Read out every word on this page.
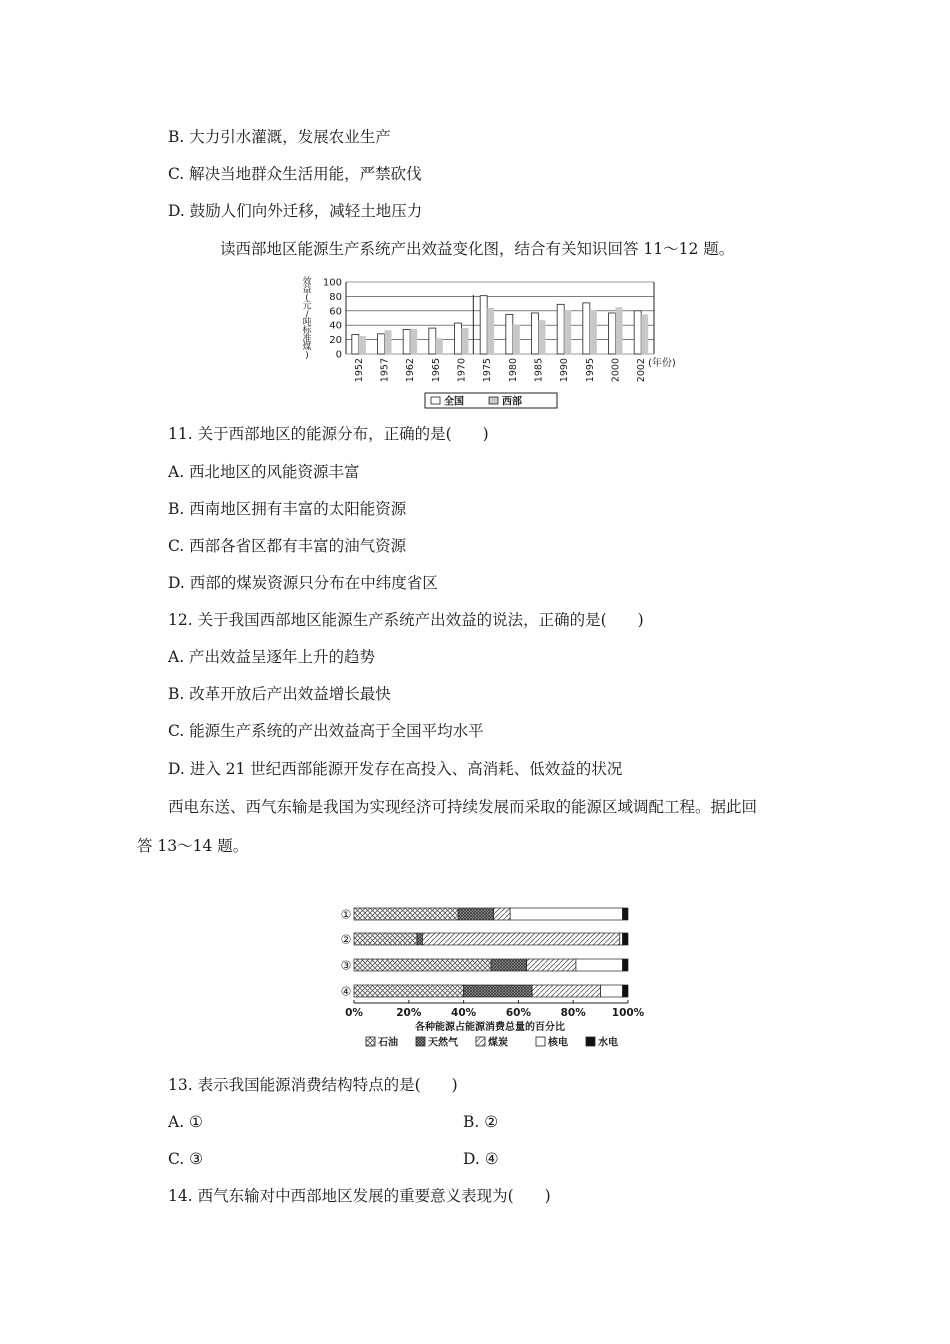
B. 大力引水灌溉，发展农业生产
C. 解决当地群众生活用能，严禁砍伐
D. 鼓励人们向外迁移，减轻土地压力
读西部地区能源生产系统产出效益变化图，结合有关知识回答 11～12 题。
效
益
(
元
/
吨
标
准
煤
)	0
20
40
60
80
100
1952 1957 1962 1965 1970 1975 1980 1985 1990 1995 2000 2002 (年份)
全国	西部
11. 关于西部地区的能源分布，正确的是(　　)
A. 西北地区的风能资源丰富
B. 西南地区拥有丰富的太阳能资源
C. 西部各省区都有丰富的油气资源
D. 西部的煤炭资源只分布在中纬度省区
12. 关于我国西部地区能源生产系统产出效益的说法，正确的是(　　)
A. 产出效益呈逐年上升的趋势
B. 改革开放后产出效益增长最快
C. 能源生产系统的产出效益高于全国平均水平
D. 进入 21 世纪西部能源开发存在高投入、高消耗、低效益的状况
西电东送、西气东输是我国为实现经济可持续发展而采取的能源区域调配工程。据此回
答 13～14 题。
①
②
③
④
0%	20%	40%	60%	80% 100%
各种能源占能源消费总量的百分比
石油	天然气	煤炭	核电	水电
13. 表示我国能源消费结构特点的是(　　)
A. ①	B. ②
C. ③	D. ④
14. 西气东输对中西部地区发展的重要意义表现为(　　)
